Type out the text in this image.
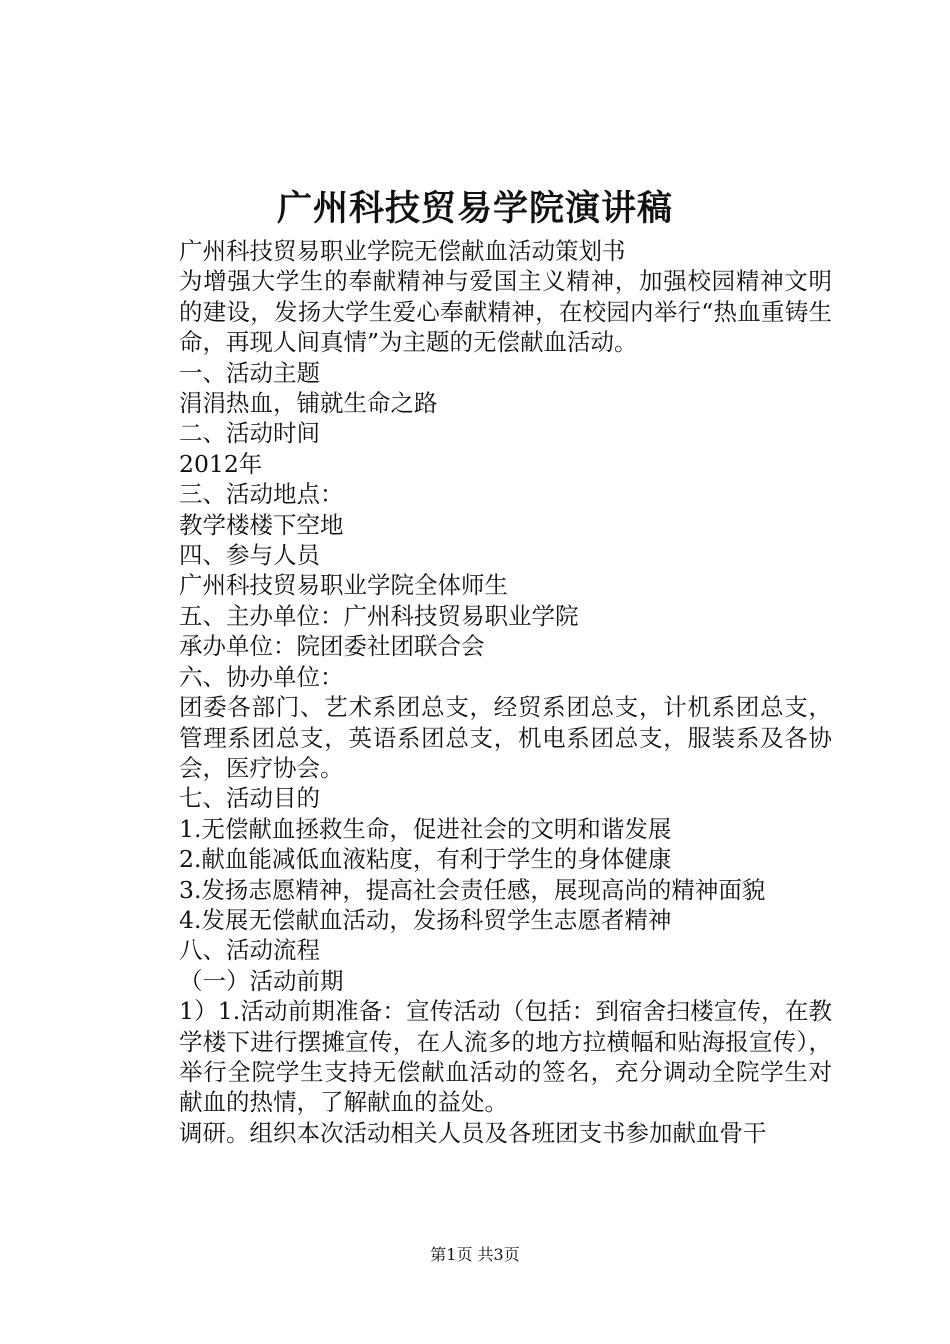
广州科技贸易学院演讲稿

广州科技贸易职业学院无偿献血活动策划书

为增强大学生的奉献精神与爱国主义精神，加强校园精神文明的建设，发扬大学生爱心奉献精神，在校园内举行“热血重铸生命，再现人间真情”为主题的无偿献血活动。

一、活动主题

涓涓热血，铺就生命之路

二、活动时间

2012年

三、活动地点：

教学楼楼下空地

四、参与人员

广州科技贸易职业学院全体师生

五、主办单位：广州科技贸易职业学院

承办单位：院团委社团联合会

六、协办单位：

团委各部门、艺术系团总支，经贸系团总支，计机系团总支，管理系团总支，英语系团总支，机电系团总支，服装系及各协会，医疗协会。

七、活动目的

1.无偿献血拯救生命，促进社会的文明和谐发展

2.献血能减低血液粘度，有利于学生的身体健康

3.发扬志愿精神，提高社会责任感，展现高尚的精神面貌

4.发展无偿献血活动，发扬科贸学生志愿者精神

八、活动流程

（一）活动前期

1）1.活动前期准备：宣传活动（包括：到宿舍扫楼宣传，在教学楼下进行摆摊宣传，在人流多的地方拉横幅和贴海报宣传），举行全院学生支持无偿献血活动的签名，充分调动全院学生对献血的热情，了解献血的益处。

调研。组织本次活动相关人员及各班团支书参加献血骨干

第1页 共3页
